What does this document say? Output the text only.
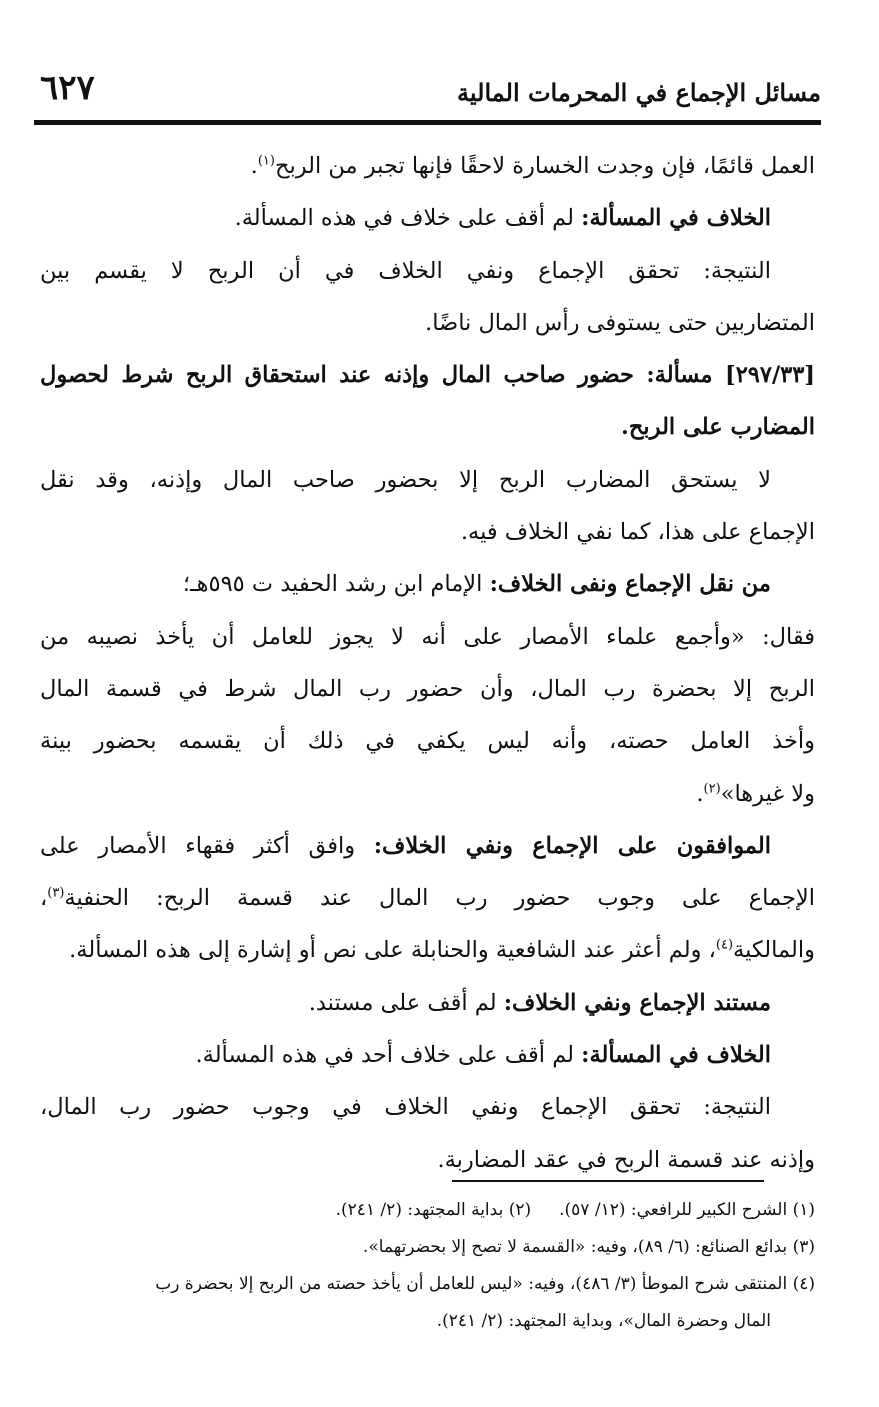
٦٢٧	مسائل الإجماع في المحرمات المالية
العمل قائمًا، فإن وجدت الخسارة لاحقًا فإنها تجبر من الربح$^{(١)}$.
الخلاف في المسألة: لم أقف على خلاف في هذه المسألة.
النتيجة: تحقق الإجماع ونفي الخلاف في أن الربح لا يقسم بين
المتضاربين حتى يستوفى رأس المال ناضًا.
[٢٩٧/٣٣] مسألة: حضور صاحب المال وإذنه عند استحقاق الربح شرط لحصول
المضارب على الربح.
لا يستحق المضارب الربح إلا بحضور صاحب المال وإذنه، وقد نقل
الإجماع على هذا، كما نفي الخلاف فيه.
من نقل الإجماع ونفى الخلاف: الإمام ابن رشد الحفيد ت ٥٩٥هـ؛
فقال: «وأجمع علماء الأمصار على أنه لا يجوز للعامل أن يأخذ نصيبه من
الربح إلا بحضرة رب المال، وأن حضور رب المال شرط في قسمة المال
وأخذ العامل حصته، وأنه ليس يكفي في ذلك أن يقسمه بحضور بينة
ولا غيرها»$^{(٢)}$.
الموافقون على الإجماع ونفي الخلاف: وافق أكثر فقهاء الأمصار على
الإجماع على وجوب حضور رب المال عند قسمة الربح: الحنفية$^{(٣)}$،
والمالكية$^{(٤)}$، ولم أعثر عند الشافعية والحنابلة على نص أو إشارة إلى هذه المسألة.
مستند الإجماع ونفي الخلاف: لم أقف على مستند.
الخلاف في المسألة: لم أقف على خلاف أحد في هذه المسألة.
النتيجة: تحقق الإجماع ونفي الخلاف في وجوب حضور رب المال،
وإذنه عند قسمة الربح في عقد المضاربة.
(١) الشرح الكبير للرافعي: (١٢/ ٥٧).(٢) بداية المجتهد: (٢/ ٢٤١).
(٣) بدائع الصنائع: (٦/ ٨٩)، وفيه: «القسمة لا تصح إلا بحضرتهما».
(٤) المنتقى شرح الموطأ (٣/ ٤٨٦)، وفيه: «ليس للعامل أن يأخذ حصته من الربح إلا بحضرة رب
المال وحضرة المال»، وبداية المجتهد: (٢/ ٢٤١).
